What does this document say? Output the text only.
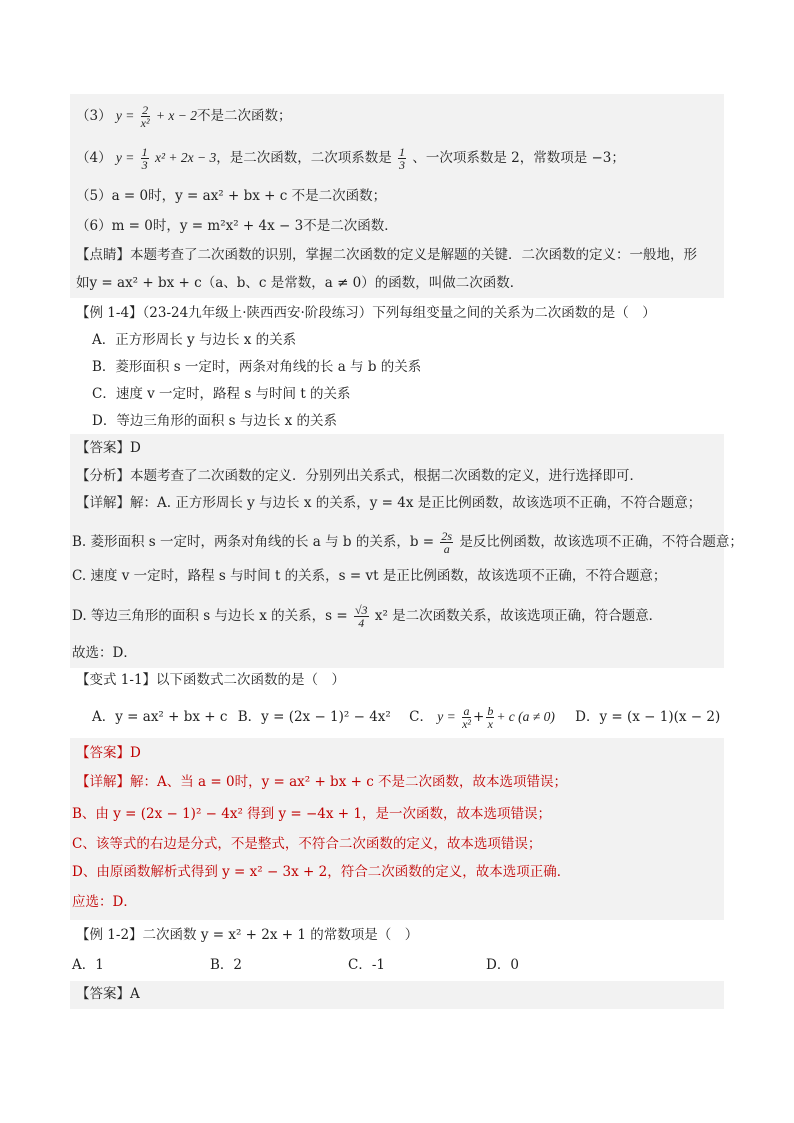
（3） $y = \frac{2}{\text{x²}} + x - 2$不是二次函数；
（4） $y = \frac{1}{3} x^2 + 2x - 3$，是二次函数，二次项系数是 $\frac{1}{3}$ 、一次项系数是 2，常数项是 −3；
（5）a = 0时，y = ax² + bx + c 不是二次函数；
（6）m = 0时，y = m²x² + 4x − 3不是二次函数．
【点睛】本题考查了二次函数的识别，掌握二次函数的定义是解题的关键．二次函数的定义：一般地，形
如y = ax² + bx + c（a、b、c 是常数，a ≠ 0）的函数，叫做二次函数．
【例 1-4】（23-24九年级上·陕西西安·阶段练习）下列每组变量之间的关系为二次函数的是（　）
A．正方形周长 y 与边长 x 的关系
B．菱形面积 s 一定时，两条对角线的长 a 与 b 的关系
C．速度 v 一定时，路程 s 与时间 t 的关系
D．等边三角形的面积 s 与边长 x 的关系
【答案】D
【分析】本题考查了二次函数的定义．分别列出关系式，根据二次函数的定义，进行选择即可．
【详解】解：A. 正方形周长 y 与边长 x 的关系，y = 4x 是正比例函数，故该选项不正确，不符合题意；
B. 菱形面积 s 一定时，两条对角线的长 a 与 b 的关系，$b = \frac{2s}{a}$ 是反比例函数，故该选项不正确，不符合题意；
C. 速度 v 一定时，路程 s 与时间 t 的关系，s = vt 是正比例函数，故该选项不正确，不符合题意；
D. 等边三角形的面积 s 与边长 x 的关系，$s = \frac{√3}{4} x^2$ 是二次函数关系，故该选项正确，符合题意．
故选：D．
【变式 1-1】以下函数式二次函数的是（　）
A．y = ax² + bx + c B．y = (2x − 1)² − 4x² C． $y = \frac{a}{\text{x²}} + \frac{b}{x} + c$ (a ≠ 0) D．y = (x − 1)(x − 2)
【答案】D
【详解】解：A、当 a = 0时，y = ax² + bx + c 不是二次函数，故本选项错误；
B、由 y = (2x − 1)² − 4x² 得到 y = −4x + 1，是一次函数，故本选项错误；
C、该等式的右边是分式，不是整式，不符合二次函数的定义，故本选项错误；
D、由原函数解析式得到 y = x² − 3x + 2，符合二次函数的定义，故本选项正确．
应选：D．
【例 1-2】二次函数 y = x² + 2x + 1 的常数项是（　）
A．1	B．2	C．-1	D．0
【答案】A
